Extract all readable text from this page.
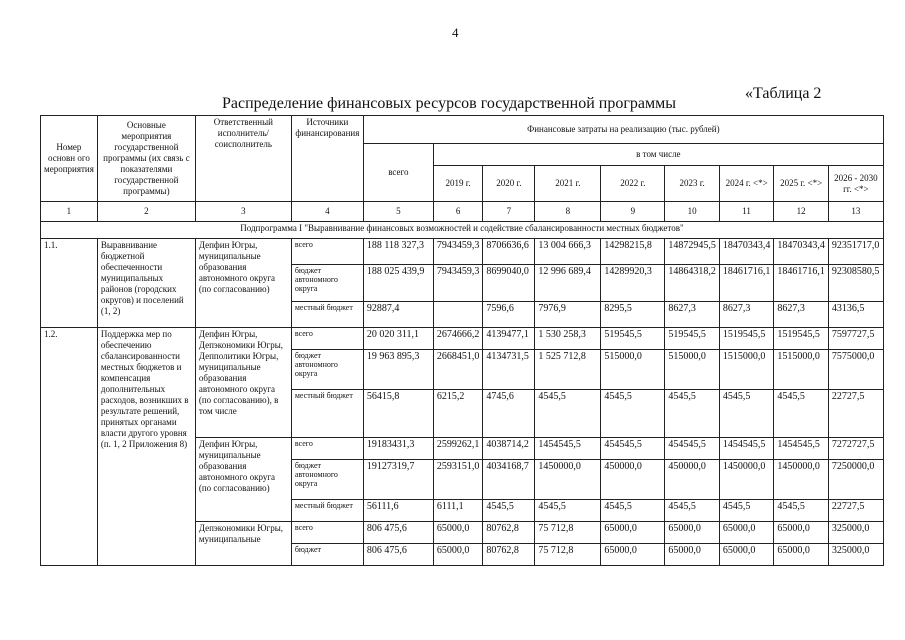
4
«Таблица 2
Распределение финансовых ресурсов государственной программы
Номер основн ого мероприятия	Основные мероприятия государственной программы (их связь с показателями государственной программы)	Ответственный исполнитель/соисполнитель	Источники финансирования	Финансовые затраты на реализацию (тыс. рублей)								
				всего	в том числе							
					2019 г.	2020 г.	2021 г.	2022 г.	2023 г.	2024 г. <*>	2025 г. <*>	2026 - 2030 гг. <*>
1	2	3	4	5	6	7	8	9	10	11	12	13
Подпрограмма I "Выравнивание финансовых возможностей и содействие сбалансированности местных бюджетов"												
1.1.	Выравнивание бюджетной обеспеченности муниципальных районов (городских округов) и поселений (1, 2)	Депфин Югры, муниципальные образования автономного округа (по согласованию)	всего	188 118 327,3	7943459,3	8706636,6	13 004 666,3	14298215,8	14872945,5	18470343,4	18470343,4	92351717,0
			бюджет автономного округа	188 025 439,9	7943459,3	8699040,0	12 996 689,4	14289920,3	14864318,2	18461716,1	18461716,1	92308580,5
			местный бюджет	92887,4		7596,6	7976,9	8295,5	8627,3	8627,3	8627,3	43136,5
1.2.	Поддержка мер по обеспечению сбалансированности местных бюджетов и компенсация дополнительных расходов, возникших в результате решений, принятых органами власти другого уровня (п. 1, 2 Приложения 8)	Депфин Югры, Депэкономики Югры, Депполитики Югры, муниципальные образования автономного округа (по согласованию), в том числе	всего	20 020 311,1	2674666,2	4139477,1	1 530 258,3	519545,5	519545,5	1519545,5	1519545,5	7597727,5
			бюджет автономного округа	19 963 895,3	2668451,0	4134731,5	1 525 712,8	515000,0	515000,0	1515000,0	1515000,0	7575000,0
			местный бюджет	56415,8	6215,2	4745,6	4545,5	4545,5	4545,5	4545,5	4545,5	22727,5
		Депфин Югры, муниципальные образования автономного округа (по согласованию)	всего	19183431,3	2599262,1	4038714,2	1454545,5	454545,5	454545,5	1454545,5	1454545,5	7272727,5
			бюджет автономного округа	19127319,7	2593151,0	4034168,7	1450000,0	450000,0	450000,0	1450000,0	1450000,0	7250000,0
			местный бюджет	56111,6	6111,1	4545,5	4545,5	4545,5	4545,5	4545,5	4545,5	22727,5
		Депэкономики Югры, муниципальные	всего	806 475,6	65000,0	80762,8	75 712,8	65000,0	65000,0	65000,0	65000,0	325000,0
			бюджет	806 475,6	65000,0	80762,8	75 712,8	65000,0	65000,0	65000,0	65000,0	325000,0
